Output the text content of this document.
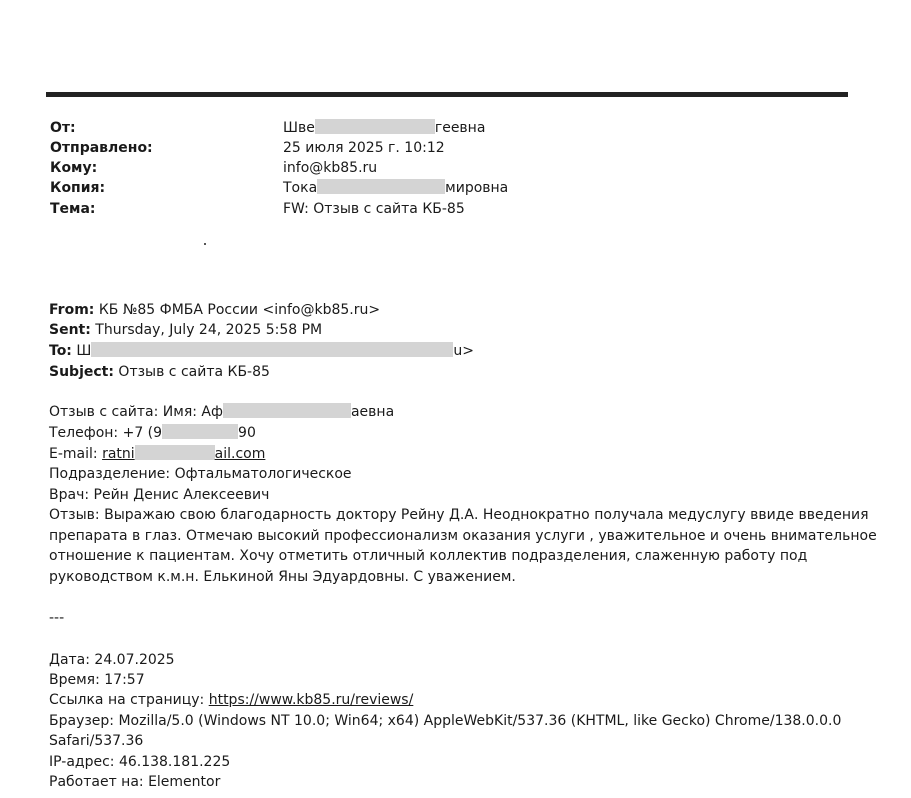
От:	Шве	геевна
Отправлено:	25 июля 2025 г. 10:12
Кому:	info@kb85.ru
Копия:	Тока	мировна
Тема:	FW: Отзыв с сайта КБ-85
From: КБ №85 ФМБА России <info@kb85.ru>
Sent: Thursday, July 24, 2025 5:58 PM
To: Ш	u>
Subject: Отзыв с сайта КБ-85
Отзыв с сайта: Имя: Аф	аевна
Телефон: +7 (9	90
E-mail: ratni	ail.com
Подразделение: Офтальматологическое
Врач: Рейн Денис Алексеевич
Отзыв: Выражаю свою благодарность доктору Рейну Д.А. Неоднократно получала медуслугу ввиде введения
препарата в глаз. Отмечаю высокий профессионализм оказания услуги , уважительное и очень внимательное
отношение к пациентам. Хочу отметить отличный коллектив подразделения, слаженную работу под
руководством к.м.н. Елькиной Яны Эдуардовны. С уважением.
---
Дата: 24.07.2025
Время: 17:57
Ссылка на страницу: https://www.kb85.ru/reviews/
Браузер: Mozilla/5.0 (Windows NT 10.0; Win64; x64) AppleWebKit/537.36 (KHTML, like Gecko) Chrome/138.0.0.0
Safari/537.36
IP-адрес: 46.138.181.225
Работает на: Elementor
